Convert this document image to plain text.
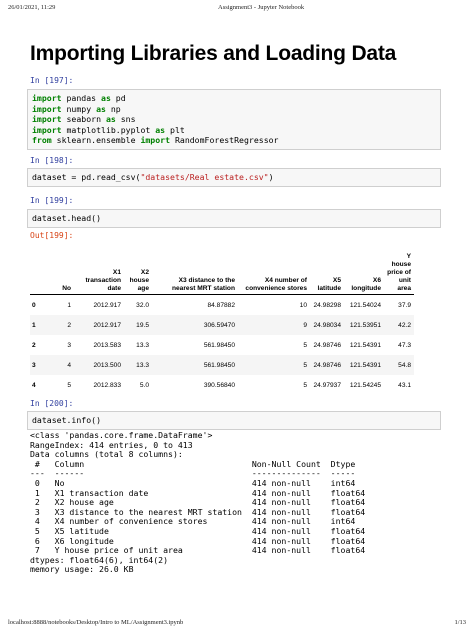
26/01/2021, 11:29	Assignment3 - Jupyter Notebook
Importing Libraries and Loading Data
In [197]:
import pandas as pd
import numpy as np
import seaborn as sns
import matplotlib.pyplot as plt
from sklearn.ensemble import RandomForestRegressor
In [198]:
dataset = pd.read_csv("datasets/Real estate.csv")
In [199]:
dataset.head()
Out[199]:
	No	X1 transaction date	X2 house age	X3 distance to the nearest MRT station	X4 number of convenience stores	X5 latitude	X6 longitude	Y house price of unit area
0	1	2012.917	32.0	84.87882	10	24.98298	121.54024	37.9
1	2	2012.917	19.5	306.59470	9	24.98034	121.53951	42.2
2	3	2013.583	13.3	561.98450	5	24.98746	121.54391	47.3
3	4	2013.500	13.3	561.98450	5	24.98746	121.54391	54.8
4	5	2012.833	5.0	390.56840	5	24.97937	121.54245	43.1
In [200]:
dataset.info()
<class 'pandas.core.frame.DataFrame'>
RangeIndex: 414 entries, 0 to 413
Data columns (total 8 columns):
#   Column                                  Non-Null Count  Dtype
---  ------                                  --------------  -----
0   No                                      414 non-null    int64
1   X1 transaction date                     414 non-null    float64
2   X2 house age                            414 non-null    float64
3   X3 distance to the nearest MRT station  414 non-null    float64
4   X4 number of convenience stores         414 non-null    int64
5   X5 latitude                             414 non-null    float64
6   X6 longitude                            414 non-null    float64
7   Y house price of unit area              414 non-null    float64
dtypes: float64(6), int64(2)
memory usage: 26.0 KB
localhost:8888/notebooks/Desktop/Intro to ML/Assignment3.ipynb	1/13
